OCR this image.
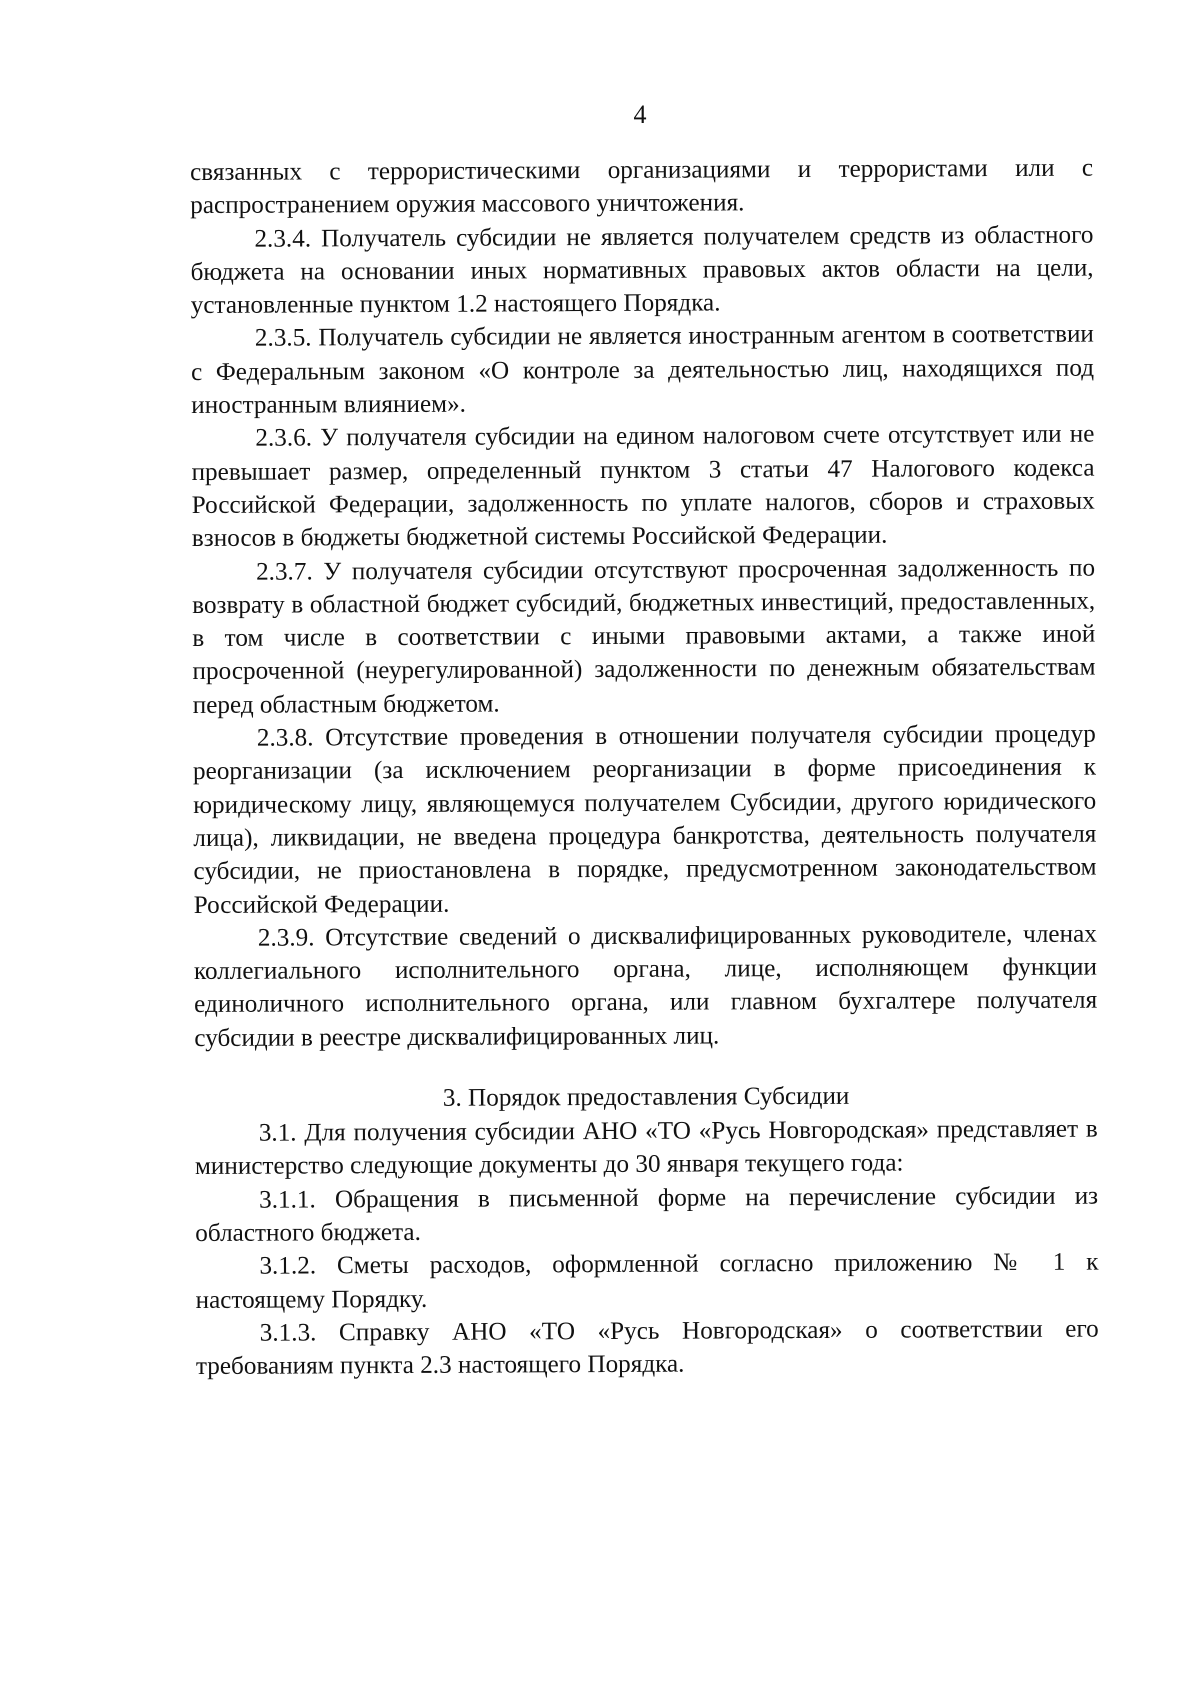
4

связанных с террористическими организациями и террористами или с распространением оружия массового уничтожения.

2.3.4. Получатель субсидии не является получателем средств из областного бюджета на основании иных нормативных правовых актов области на цели, установленные пунктом 1.2 настоящего Порядка.

2.3.5. Получатель субсидии не является иностранным агентом в соответствии с Федеральным законом «О контроле за деятельностью лиц, находящихся под иностранным влиянием».

2.3.6. У получателя субсидии на едином налоговом счете отсутствует или не превышает размер, определенный пунктом 3 статьи 47 Налогового кодекса Российской Федерации, задолженность по уплате налогов, сборов и страховых взносов в бюджеты бюджетной системы Российской Федерации.

2.3.7. У получателя субсидии отсутствуют просроченная задолженность по возврату в областной бюджет субсидий, бюджетных инвестиций, предоставленных, в том числе в соответствии с иными правовыми актами, а также иной просроченной (неурегулированной) задолженности по денежным обязательствам перед областным бюджетом.

2.3.8. Отсутствие проведения в отношении получателя субсидии процедур реорганизации (за исключением реорганизации в форме присоединения к юридическому лицу, являющемуся получателем Субсидии, другого юридического лица), ликвидации, не введена процедура банкротства, деятельность получателя субсидии, не приостановлена в порядке, предусмотренном законодательством Российской Федерации.

2.3.9. Отсутствие сведений о дисквалифицированных руководителе, членах коллегиального исполнительного органа, лице, исполняющем функции единоличного исполнительного органа, или главном бухгалтере получателя субсидии в реестре дисквалифицированных лиц.

3. Порядок предоставления Субсидии

3.1. Для получения субсидии АНО «ТО «Русь Новгородская» представляет в министерство следующие документы до 30 января текущего года:

3.1.1. Обращения в письменной форме на перечисление субсидии из областного бюджета.

3.1.2. Сметы расходов, оформленной согласно приложению № 1 к настоящему Порядку.

3.1.3. Справку АНО «ТО «Русь Новгородская» о соответствии его требованиям пункта 2.3 настоящего Порядка.
